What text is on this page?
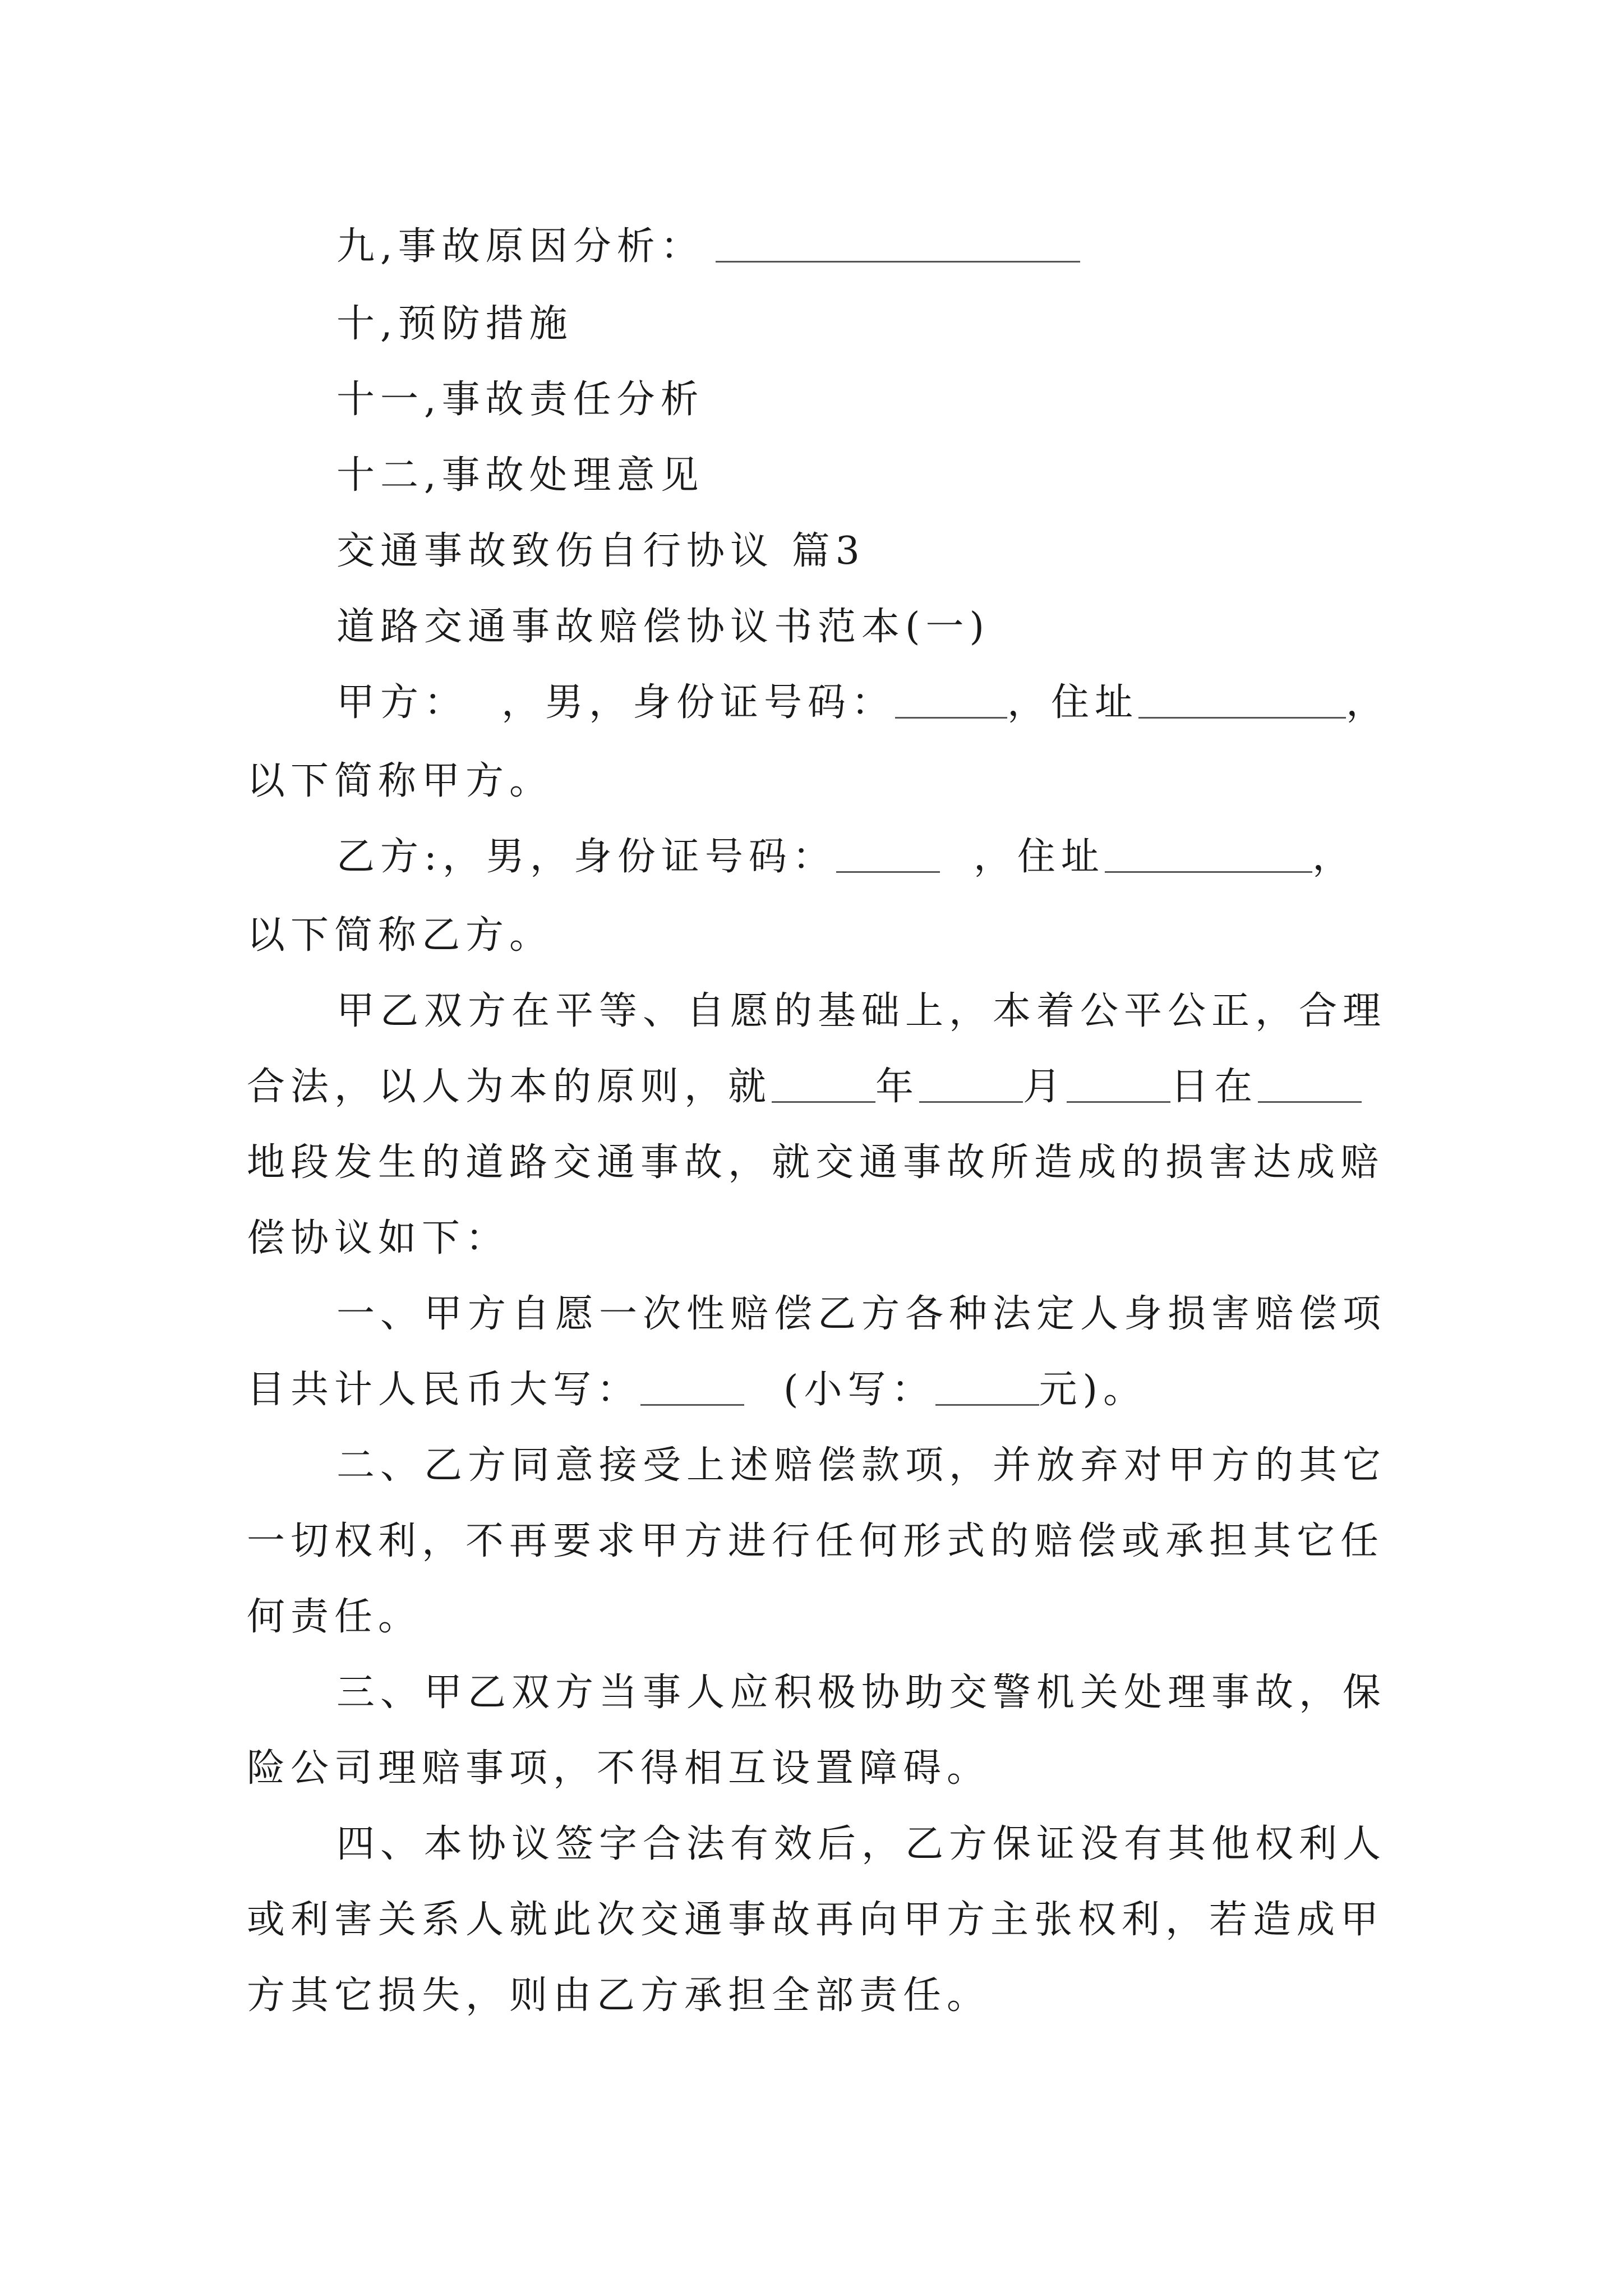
九,事故原因分析：
十,预防措施
十一,事故责任分析
十二,事故处理意见
交通事故致伤自行协议 篇3
道路交通事故赔偿协议书范本(一)
甲方： ，男，身份证号码：	，住址	，
以下简称甲方。
乙方:，男，身份证号码：	，住址	，
以下简称乙方。
甲乙双方在平等、自愿的基础上，本着公平公正，合理
合法，以人为本的原则，就	年	月	日在
地段发生的道路交通事故，就交通事故所造成的损害达成赔
偿协议如下：
一、甲方自愿一次性赔偿乙方各种法定人身损害赔偿项
目共计人民币大写：	(小写：	元)。
二、乙方同意接受上述赔偿款项，并放弃对甲方的其它
一切权利，不再要求甲方进行任何形式的赔偿或承担其它任
何责任。
三、甲乙双方当事人应积极协助交警机关处理事故，保
险公司理赔事项，不得相互设置障碍。
四、本协议签字合法有效后，乙方保证没有其他权利人
或利害关系人就此次交通事故再向甲方主张权利，若造成甲
方其它损失，则由乙方承担全部责任。
